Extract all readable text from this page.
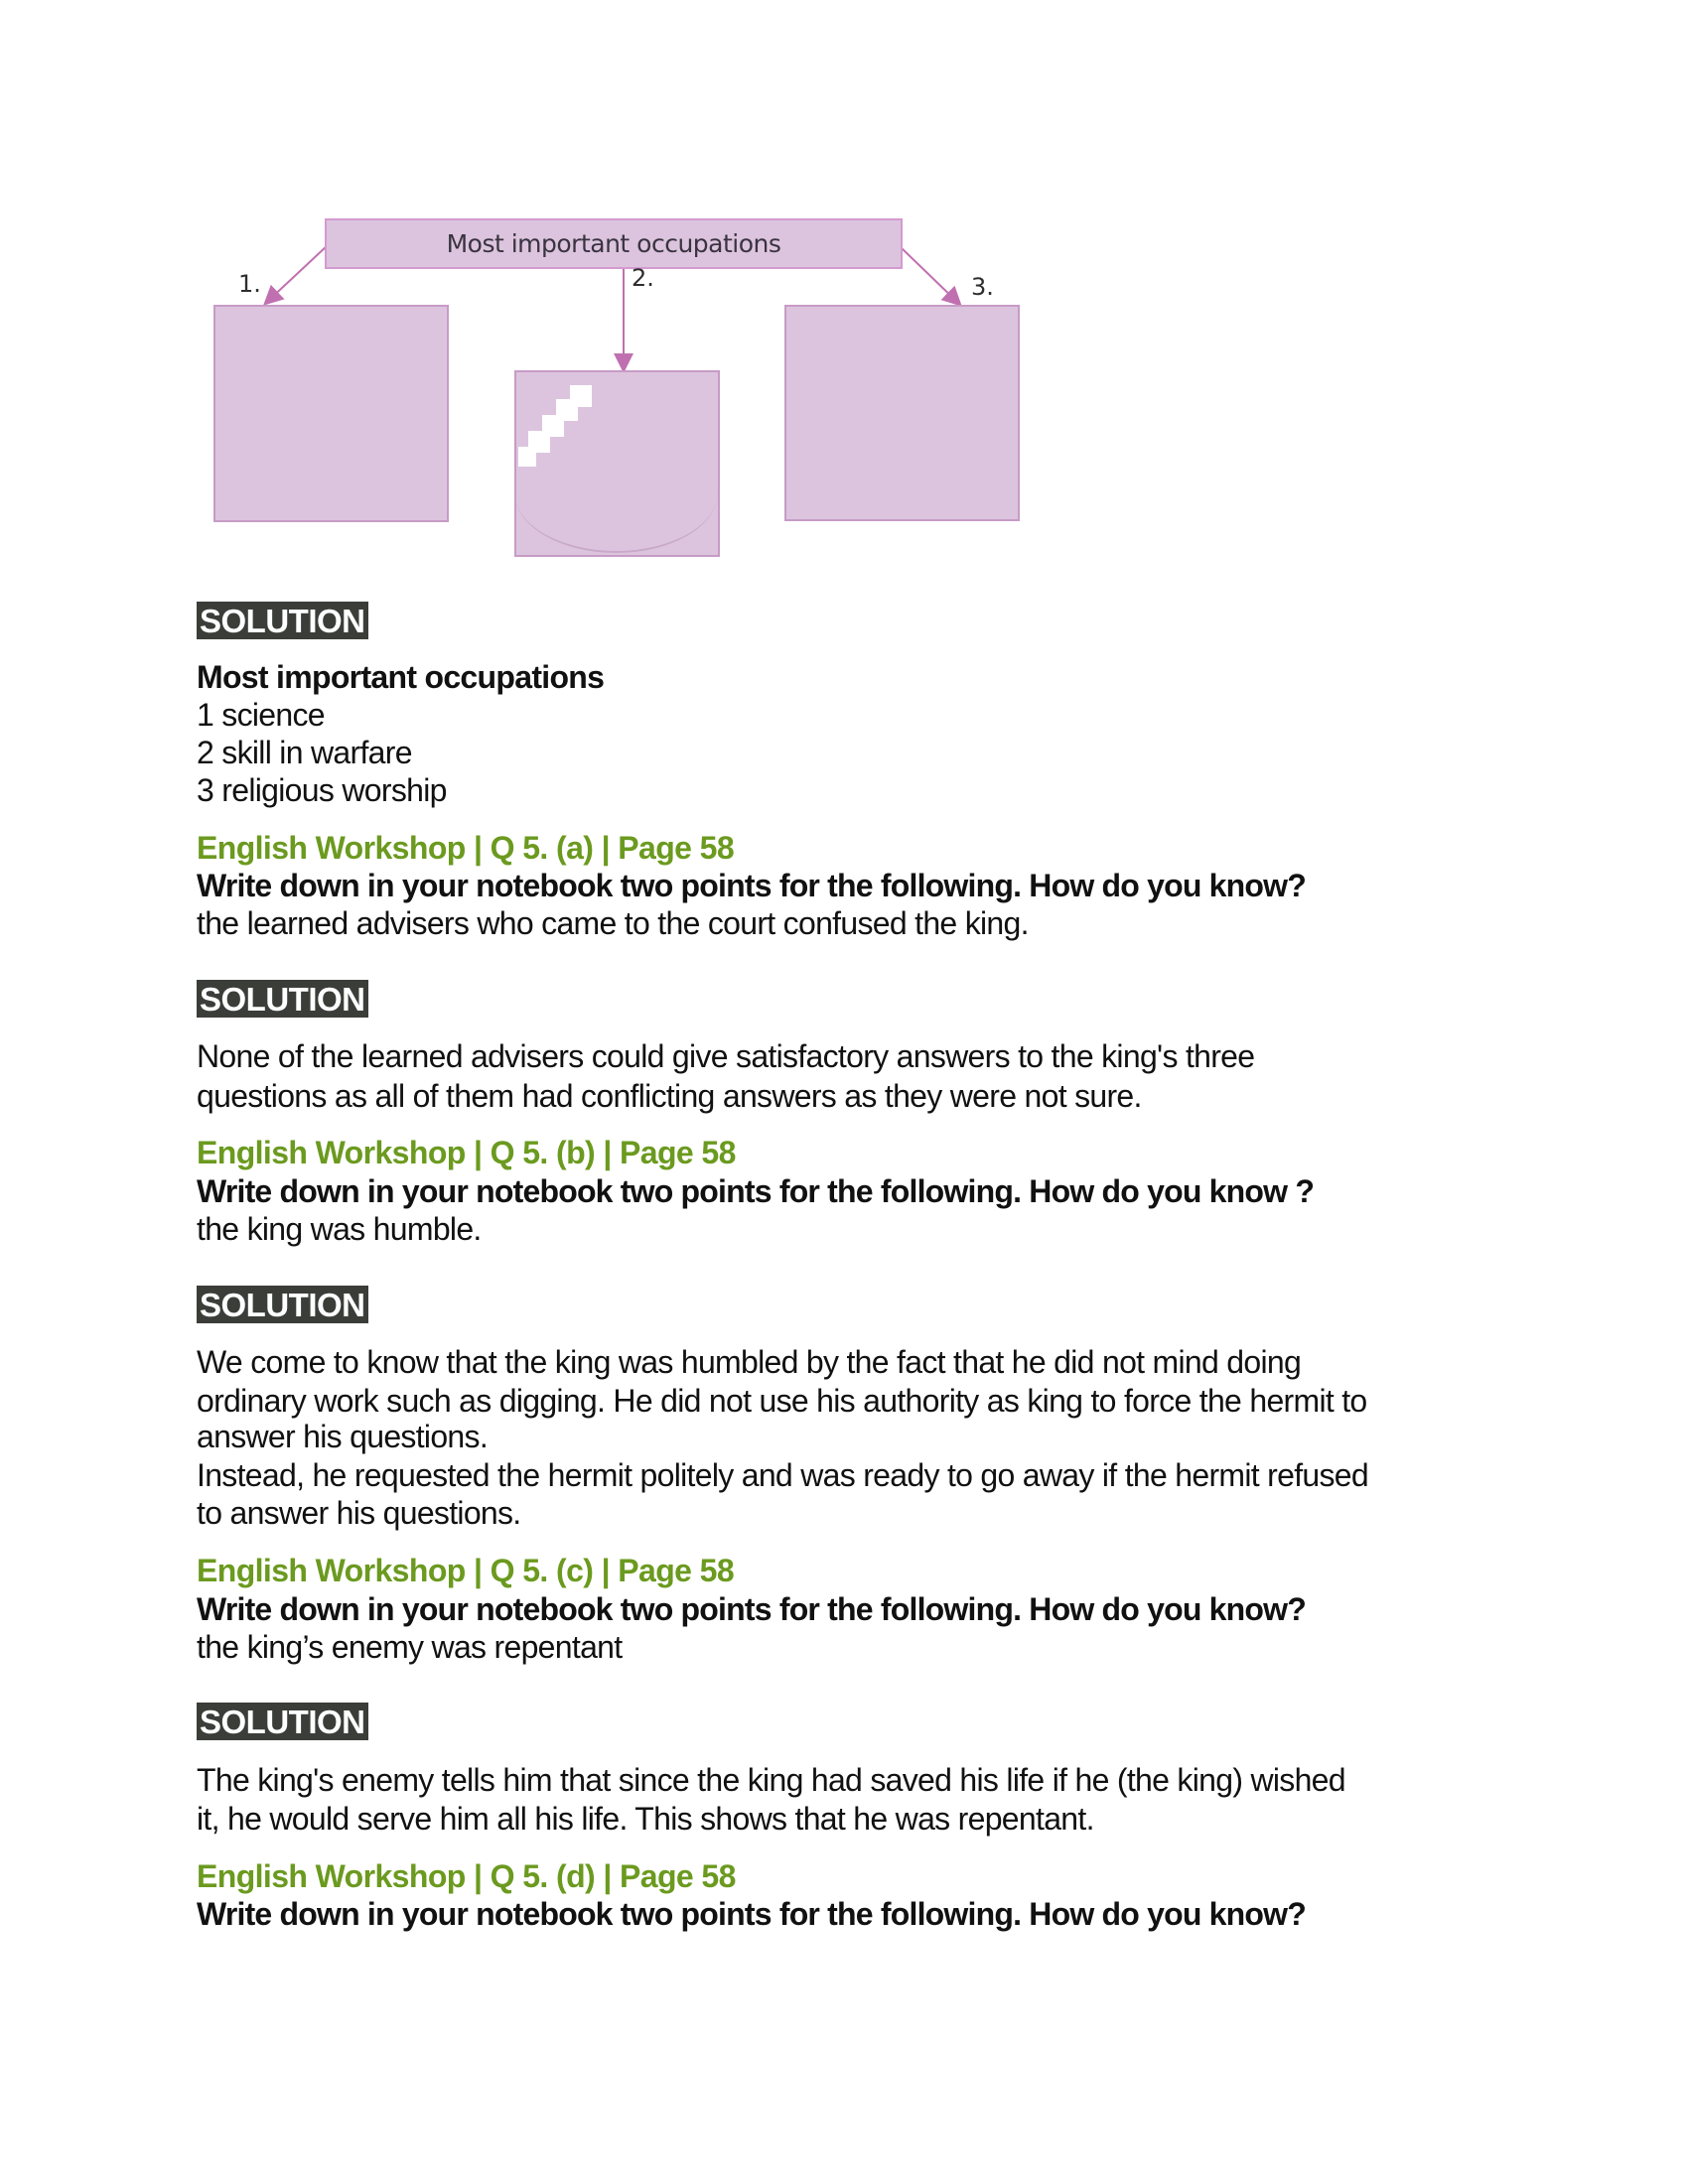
Most important occupations
1.	2.	3.
SOLUTION
Most important occupations
1 science
2 skill in warfare
3 religious worship
English Workshop | Q 5. (a) | Page 58
Write down in your notebook two points for the following. How do you know?
the learned advisers who came to the court confused the king.
SOLUTION
None of the learned advisers could give satisfactory answers to the king's three
questions as all of them had conflicting answers as they were not sure.
English Workshop | Q 5. (b) | Page 58
Write down in your notebook two points for the following. How do you know ?
the king was humble.
SOLUTION
We come to know that the king was humbled by the fact that he did not mind doing
ordinary work such as digging. He did not use his authority as king to force the hermit to
answer his questions.
Instead, he requested the hermit politely and was ready to go away if the hermit refused
to answer his questions.
English Workshop | Q 5. (c) | Page 58
Write down in your notebook two points for the following. How do you know?
the king’s enemy was repentant
SOLUTION
The king's enemy tells him that since the king had saved his life if he (the king) wished
it, he would serve him all his life. This shows that he was repentant.
English Workshop | Q 5. (d) | Page 58
Write down in your notebook two points for the following. How do you know?
